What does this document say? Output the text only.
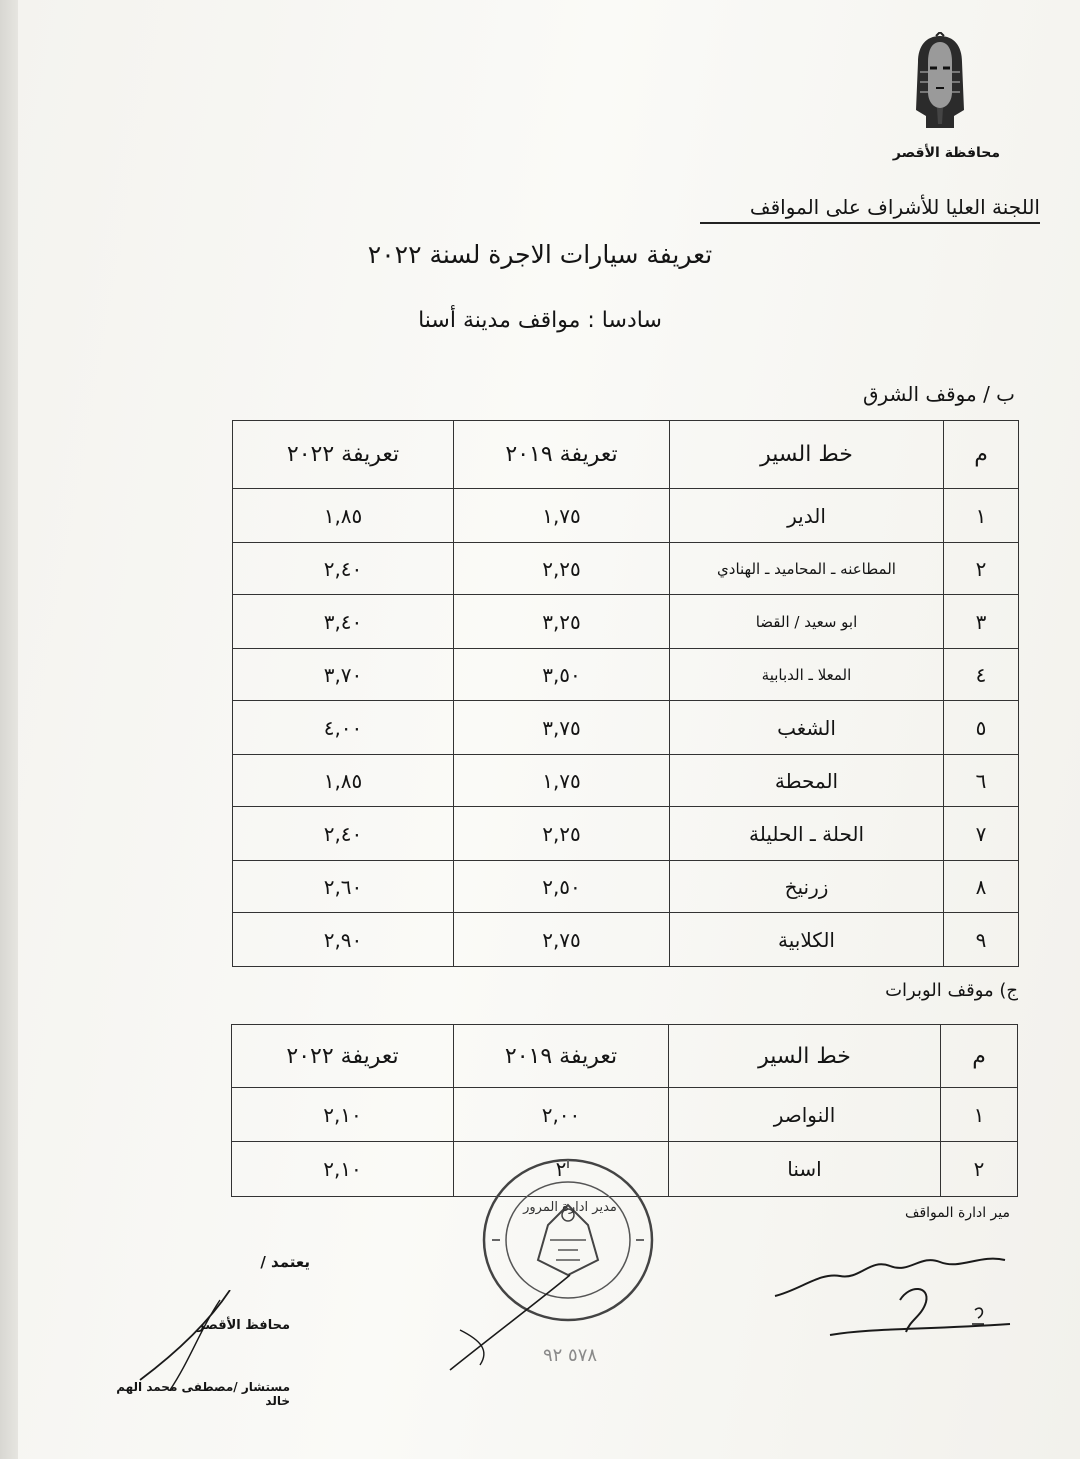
محافظة الأقصر
اللجنة العليا للأشراف على المواقف
تعريفة سيارات الاجرة لسنة ٢٠٢٢
سادسا : مواقف مدينة أسنا
ب / موقف الشرق
م	خط السير	تعريفة ٢٠١٩	تعريفة ٢٠٢٢
١	الدير	١,٧٥	١,٨٥
٢	المطاعنه ـ المحاميد ـ الهنادي	٢,٢٥	٢,٤٠
٣	ابو سعيد / القضا	٣,٢٥	٣,٤٠
٤	المعلا ـ الدبابية	٣,٥٠	٣,٧٠
٥	الشغب	٣,٧٥	٤,٠٠
٦	المحطة	١,٧٥	١,٨٥
٧	الحلة ـ الحليلة	٢,٢٥	٢,٤٠
٨	زرنيخ	٢,٥٠	٢,٦٠
٩	الكلابية	٢,٧٥	٢,٩٠
ج) موقف الوبرات
م	خط السير	تعريفة ٢٠١٩	تعريفة ٢٠٢٢
١	النواصر	٢,٠٠	٢,١٠
٢	اسنا	٢	٢,١٠
مير ادارة المواقف
مدير ادارة المرور
٥٧٨ ٩٢
يعتمد /
محافظ الأقصر
مستشار /مصطفى محمد الهم خالد
